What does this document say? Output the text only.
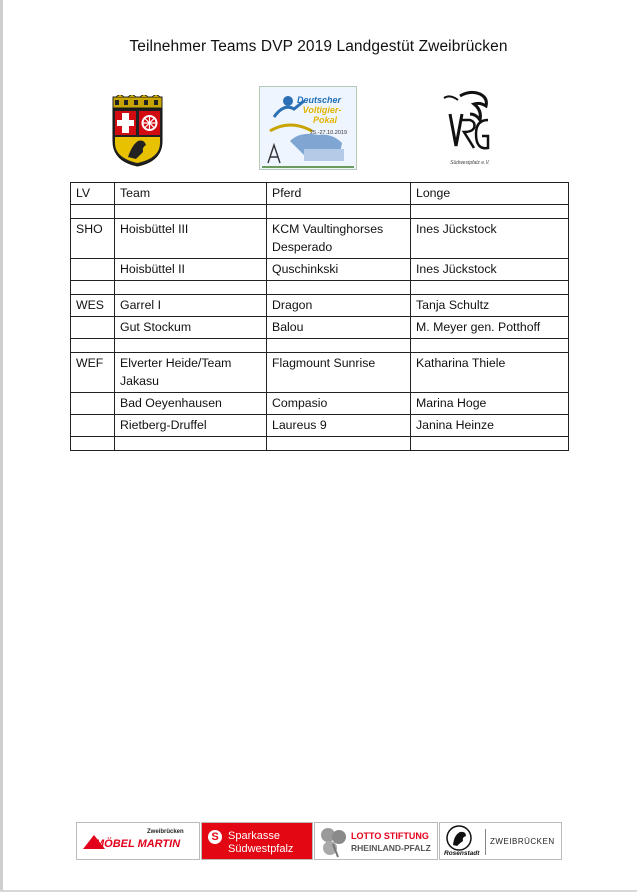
Teilnehmer Teams DVP 2019 Landgestüt Zweibrücken
Deutscher
Voltigier-
Pokal
25.-27.10.2019
Südwestpfalz e.V.
LV	Team	Pferd	Longe

SHO	Hoisbüttel III	KCM Vaultinghorses Desperado	Ines Jückstock
	Hoisbüttel II	Quschinkski	Ines Jückstock

WES	Garrel I	Dragon	Tanja Schultz
	Gut Stockum	Balou	M. Meyer gen. Potthoff

WEF	Elverter Heide/Team Jakasu	Flagmount Sunrise	Katharina Thiele
	Bad Oeyenhausen	Compasio	Marina Hoge
	Rietberg-Druffel	Laureus 9	Janina Heinze

Zweibrücken
MÖBEL MARTIN
S Sparkasse
Südwestpfalz
LOTTO STIFTUNG
RHEINLAND-PFALZ
Rosenstadt
ZWEIBRÜCKEN
